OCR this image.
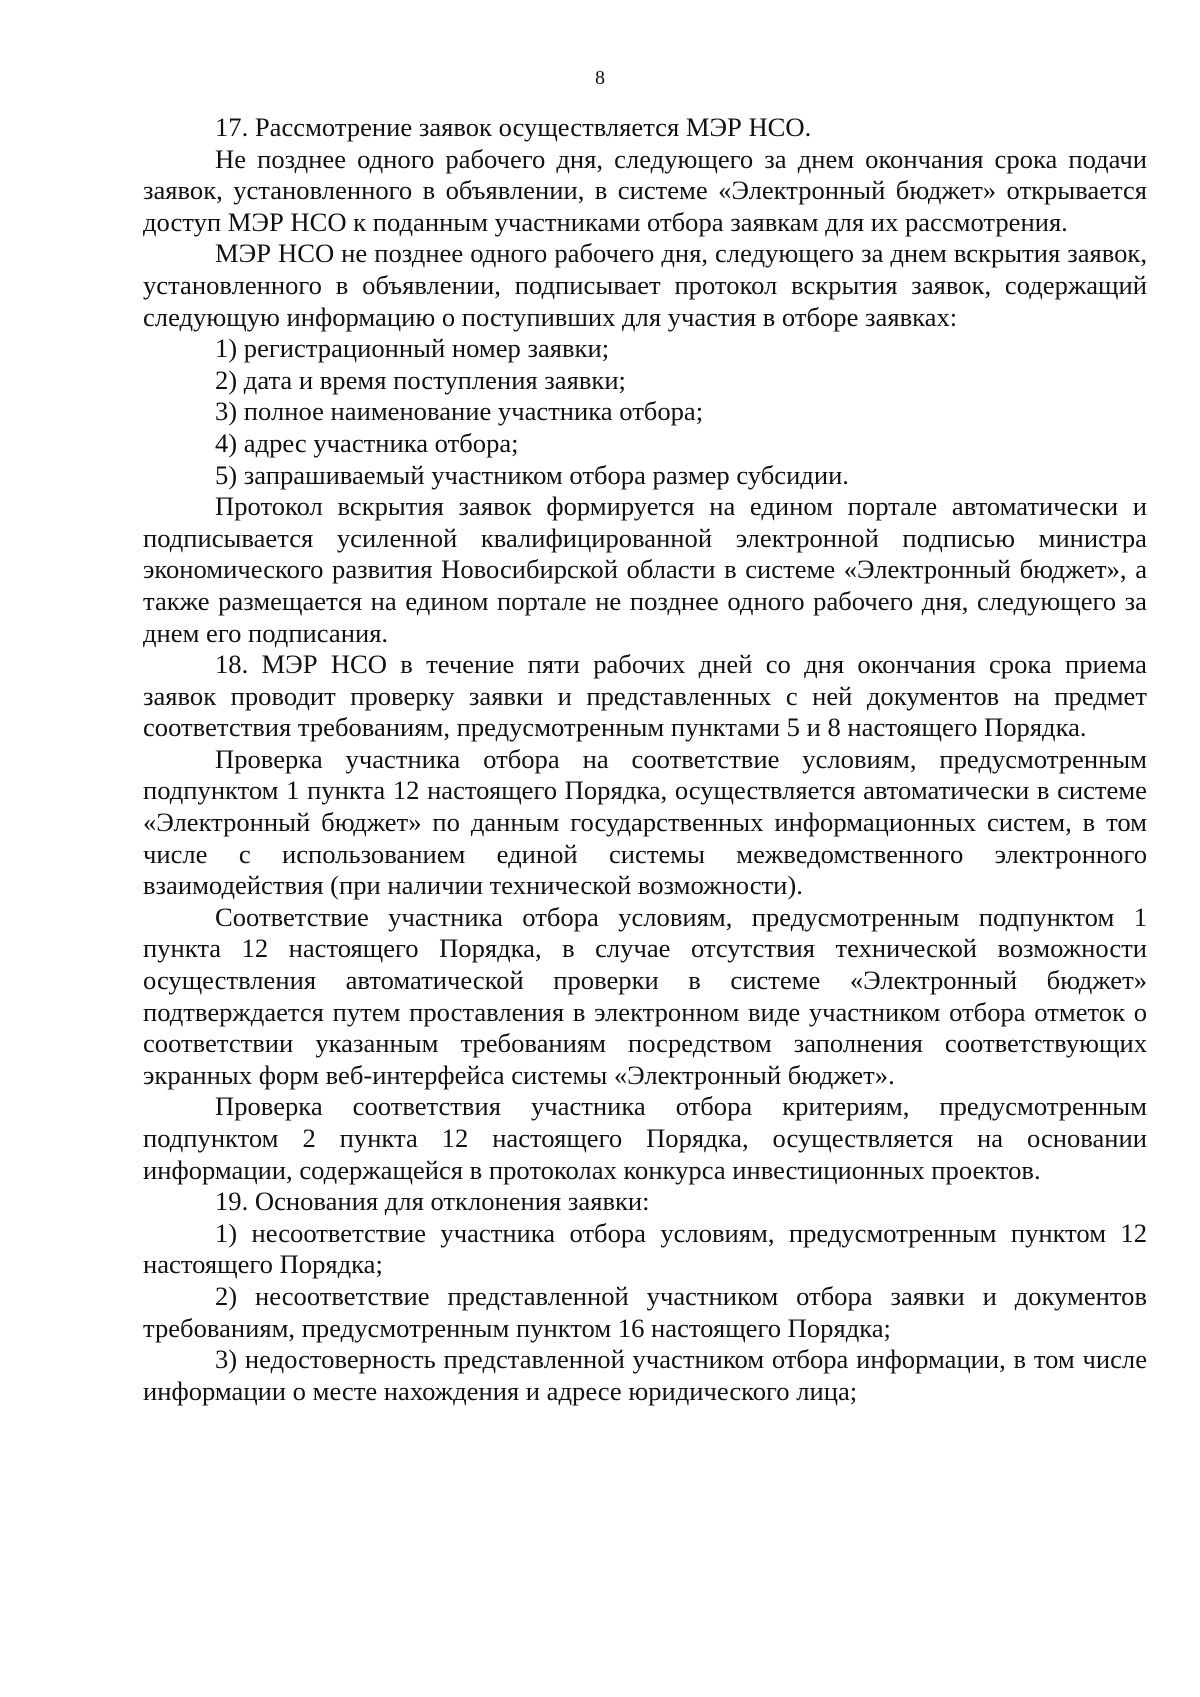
8

17. Рассмотрение заявок осуществляется МЭР НСО.

Не позднее одного рабочего дня, следующего за днем окончания срока подачи заявок, установленного в объявлении, в системе «Электронный бюджет» открывается доступ МЭР НСО к поданным участниками отбора заявкам для их рассмотрения.

МЭР НСО не позднее одного рабочего дня, следующего за днем вскрытия заявок, установленного в объявлении, подписывает протокол вскрытия заявок, содержащий следующую информацию о поступивших для участия в отборе заявках:

1) регистрационный номер заявки;

2) дата и время поступления заявки;

3) полное наименование участника отбора;

4) адрес участника отбора;

5) запрашиваемый участником отбора размер субсидии.

Протокол вскрытия заявок формируется на едином портале автоматически и подписывается усиленной квалифицированной электронной подписью министра экономического развития Новосибирской области в системе «Электронный бюджет», а также размещается на едином портале не позднее одного рабочего дня, следующего за днем его подписания.

18. МЭР НСО в течение пяти рабочих дней со дня окончания срока приема заявок проводит проверку заявки и представленных с ней документов на предмет соответствия требованиям, предусмотренным пунктами 5 и 8 настоящего Порядка.

Проверка участника отбора на соответствие условиям, предусмотренным подпунктом 1 пункта 12 настоящего Порядка, осуществляется автоматически в системе «Электронный бюджет» по данным государственных информационных систем, в том числе с использованием единой системы межведомственного электронного взаимодействия (при наличии технической возможности).

Соответствие участника отбора условиям, предусмотренным подпунктом 1 пункта 12 настоящего Порядка, в случае отсутствия технической возможности осуществления автоматической проверки в системе «Электронный бюджет» подтверждается путем проставления в электронном виде участником отбора отметок о соответствии указанным требованиям посредством заполнения соответствующих экранных форм веб-интерфейса системы «Электронный бюджет».

Проверка соответствия участника отбора критериям, предусмотренным подпунктом 2 пункта 12 настоящего Порядка, осуществляется на основании информации, содержащейся в протоколах конкурса инвестиционных проектов.

19. Основания для отклонения заявки:

1) несоответствие участника отбора условиям, предусмотренным пунктом 12 настоящего Порядка;

2) несоответствие представленной участником отбора заявки и документов требованиям, предусмотренным пунктом 16 настоящего Порядка;

3) недостоверность представленной участником отбора информации, в том числе информации о месте нахождения и адресе юридического лица;
